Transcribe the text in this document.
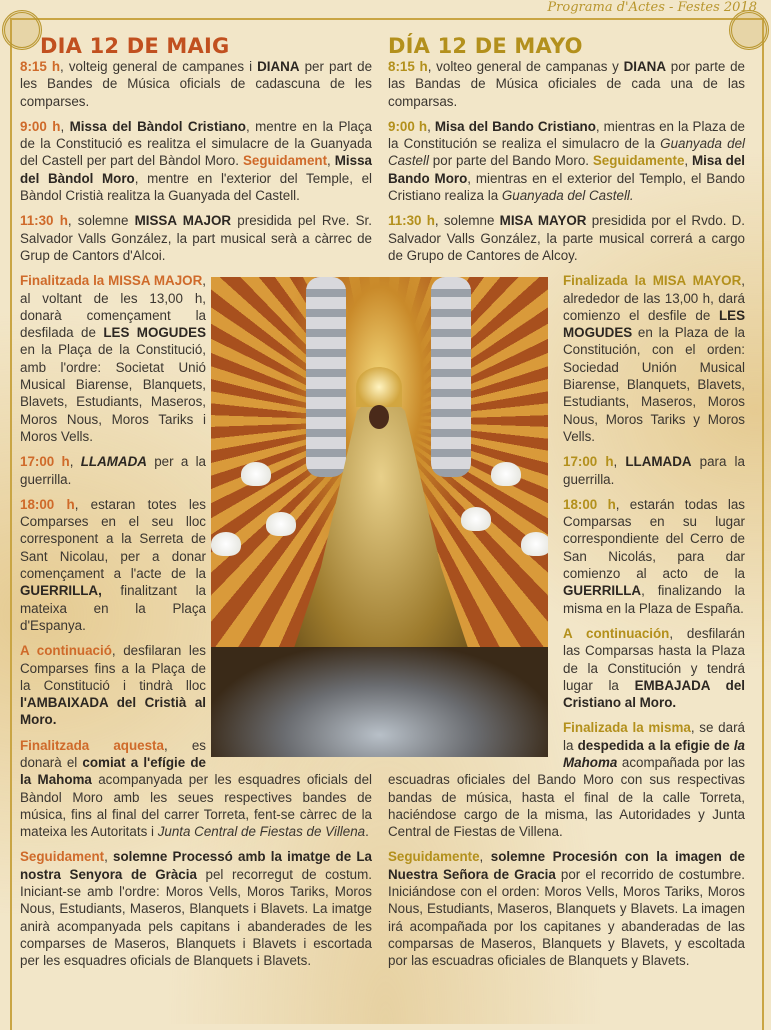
Programa d'Actes - Festes 2018
DIA 12 DE MAIG

8:15 h, volteig general de campanes i DIANA per part de les Bandes de Música oficials de cadascuna de les comparses.

9:00 h, Missa del Bàndol Cristiano, mentre en la Plaça de la Constitució es realitza el simulacre de la Guanyada del Castell per part del Bàndol Moro. Seguidament, Missa del Bàndol Moro, mentre en l'exterior del Temple, el Bàndol Cristià realitza la Guanyada del Castell.

11:30 h, solemne MISSA MAJOR presidida pel Rve. Sr. Salvador Valls González, la part musical serà a càrrec de Grup de Cantors d'Alcoi.

Finalitzada la MISSA MAJOR, al voltant de les 13,00 h, donarà començament la desfilada de LES MOGUDES en la Plaça de la Constitució, amb l'ordre: Societat Unió Musical Biarense, Blanquets, Blavets, Estudiants, Maseros, Moros Nous, Moros Tariks i Moros Vells.

17:00 h, LLAMADA per a la guerrilla.

18:00 h, estaran totes les Comparses en el seu lloc corresponent a la Serreta de Sant Nicolau, per a donar començament a l'acte de la GUERRILLA, finalitzant la mateixa en la Plaça d'Espanya.

A continuació, desfilaran les Comparses fins a la Plaça de la Constitució i tindrà lloc l'AMBAIXADA del Cristià al Moro.

Finalitzada aquesta, es donarà el comiat a l'efígie de la Mahoma acompanyada per les esquadres oficials del Bàndol Moro amb les seues respectives bandes de música, fins al final del carrer Torreta, fent-se càrrec de la mateixa les Autoritats i Junta Central de Fiestas de Villena.

Seguidament, solemne Processó amb la imatge de La nostra Senyora de Gràcia pel recorregut de costum. Iniciant-se amb l'ordre: Moros Vells, Moros Tariks, Moros Nous, Estudiants, Maseros, Blanquets i Blavets. La imatge anirà acompanyada pels capitans i abanderades de les comparses de Maseros, Blanquets i Blavets i escortada per les esquadres oficials de Blanquets i Blavets.

DÍA 12 DE MAYO

8:15 h, volteo general de campanas y DIANA por parte de las Bandas de Música oficiales de cada una de las comparsas.

9:00 h, Misa del Bando Cristiano, mientras en la Plaza de la Constitución se realiza el simulacro de la Guanyada del Castell por parte del Bando Moro. Seguidamente, Misa del Bando Moro, mientras en el exterior del Templo, el Bando Cristiano realiza la Guanyada del Castell.

11:30 h, solemne MISA MAYOR presidida por el Rvdo. D. Salvador Valls González, la parte musical correrá a cargo de Grupo de Cantores de Alcoy.

Finalizada la MISA MAYOR, alrededor de las 13,00 h, dará comienzo el desfile de LES MOGUDES en la Plaza de la Constitución, con el orden: Sociedad Unión Musical Biarense, Blanquets, Blavets, Estudiants, Maseros, Moros Nous, Moros Tariks y Moros Vells.

17:00 h, LLAMADA para la guerrilla.

18:00 h, estarán todas las Comparsas en su lugar correspondiente del Cerro de San Nicolás, para dar comienzo al acto de la GUERRILLA, finalizando la misma en la Plaza de España.

A continuación, desfilarán las Comparsas hasta la Plaza de la Constitución y tendrá lugar la EMBAJADA del Cristiano al Moro.

Finalizada la misma, se dará la despedida a la efigie de la Mahoma acompañada por las escuadras oficiales del Bando Moro con sus respectivas bandas de música, hasta el final de la calle Torreta, haciéndose cargo de la misma, las Autoridades y Junta Central de Fiestas de Villena.

Seguidamente, solemne Procesión con la imagen de Nuestra Señora de Gracia por el recorrido de costumbre. Iniciándose con el orden: Moros Vells, Moros Tariks, Moros Nous, Estudiants, Maseros, Blanquets y Blavets. La imagen irá acompañada por los capitanes y abanderadas de las comparsas de Maseros, Blanquets y Blavets, y escoltada por las escuadras oficiales de Blanquets y Blavets.
